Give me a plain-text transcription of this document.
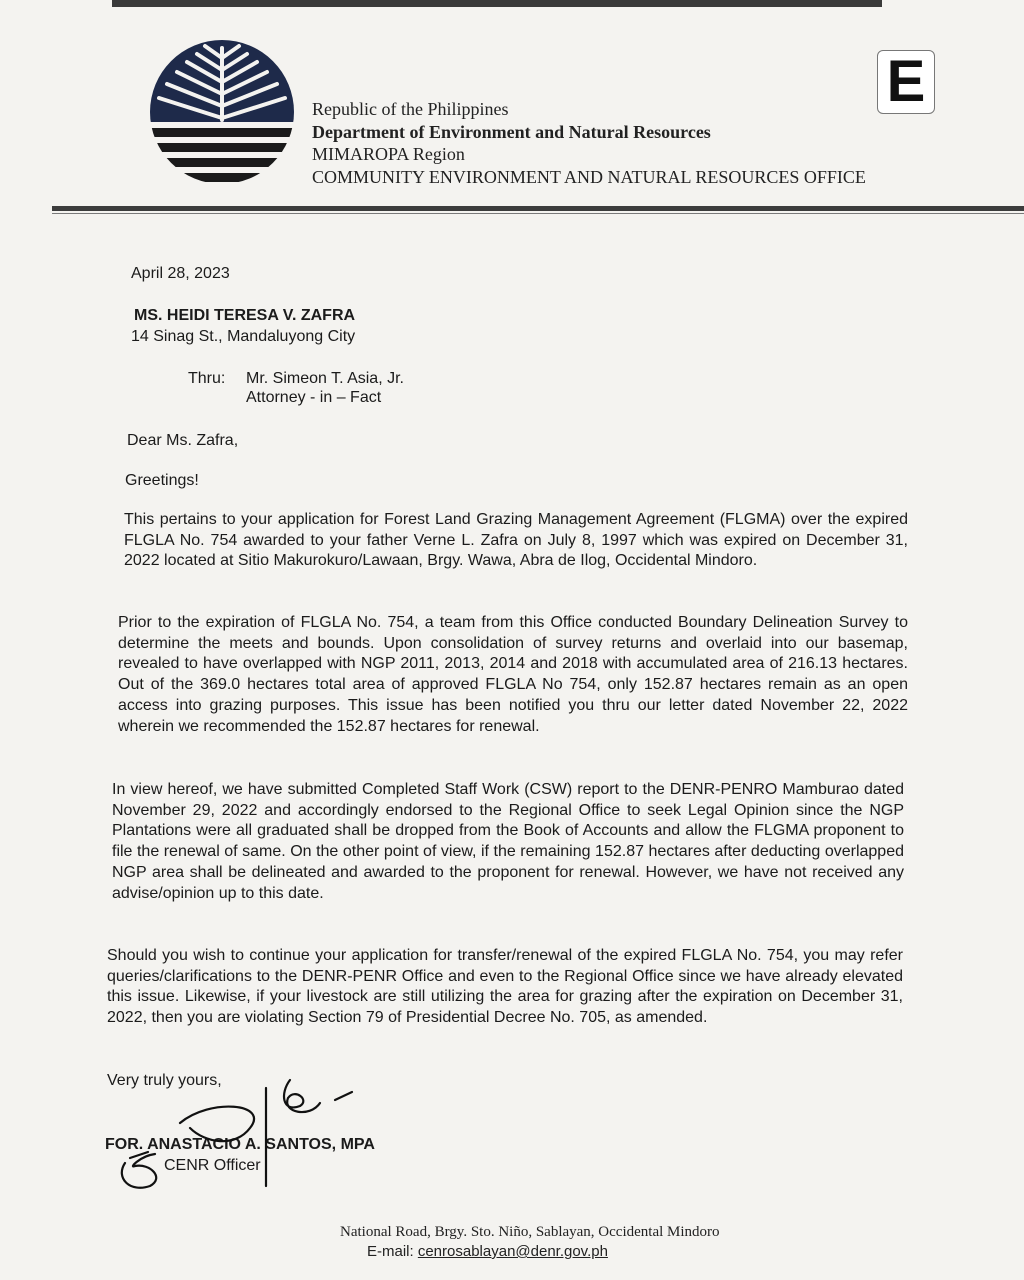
Republic of the Philippines
Department of Environment and Natural Resources
MIMAROPA Region
COMMUNITY ENVIRONMENT AND NATURAL RESOURCES OFFICE
E
April 28, 2023
MS. HEIDI TERESA V. ZAFRA
14 Sinag St., Mandaluyong City
Thru: Mr. Simeon T. Asia, Jr.
Attorney - in – Fact
Dear Ms. Zafra,
Greetings!
This pertains to your application for Forest Land Grazing Management Agreement (FLGMA) over the expired FLGLA No. 754 awarded to your father Verne L. Zafra on July 8, 1997 which was expired on December 31, 2022 located at Sitio Makurokuro/Lawaan, Brgy. Wawa, Abra de Ilog, Occidental Mindoro.
Prior to the expiration of FLGLA No. 754, a team from this Office conducted Boundary Delineation Survey to determine the meets and bounds. Upon consolidation of survey returns and overlaid into our basemap, revealed to have overlapped with NGP 2011, 2013, 2014 and 2018 with accumulated area of 216.13 hectares. Out of the 369.0 hectares total area of approved FLGLA No 754, only 152.87 hectares remain as an open access into grazing purposes. This issue has been notified you thru our letter dated November 22, 2022 wherein we recommended the 152.87 hectares for renewal.
In view hereof, we have submitted Completed Staff Work (CSW) report to the DENR-PENRO Mamburao dated November 29, 2022 and accordingly endorsed to the Regional Office to seek Legal Opinion since the NGP Plantations were all graduated shall be dropped from the Book of Accounts and allow the FLGMA proponent to file the renewal of same. On the other point of view, if the remaining 152.87 hectares after deducting overlapped NGP area shall be delineated and awarded to the proponent for renewal. However, we have not received any advise/opinion up to this date.
Should you wish to continue your application for transfer/renewal of the expired FLGLA No. 754, you may refer queries/clarifications to the DENR-PENR Office and even to the Regional Office since we have already elevated this issue. Likewise, if your livestock are still utilizing the area for grazing after the expiration on December 31, 2022, then you are violating Section 79 of Presidential Decree No. 705, as amended.
Very truly yours,
FOR. ANASTACIO A. SANTOS, MPA
CENR Officer
National Road, Brgy. Sto. Niño, Sablayan, Occidental Mindoro
E-mail: cenrosablayan@denr.gov.ph
